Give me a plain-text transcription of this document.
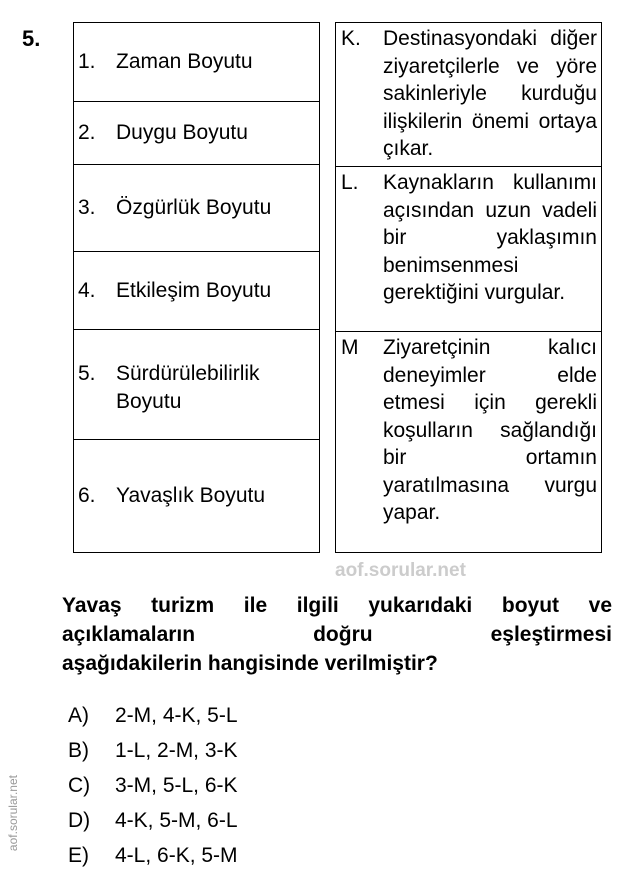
5.
1. Zaman Boyutu
2. Duygu Boyutu
3. Özgürlük Boyutu
4. Etkileşim Boyutu
5. Sürdürülebilirlik Boyutu
6. Yavaşlık Boyutu
K.	Destinasyondaki diğer ziyaretçilerle ve yöre sakinleriyle kurduğu ilişkilerin önemi ortaya çıkar.
L.	Kaynakların kullanımı açısından uzun vadeli bir yaklaşımın benimsenmesi gerektiğini vurgular.
M	Ziyaretçinin kalıcı deneyimler elde etmesi için gerekli koşulların sağlandığı bir ortamın yaratılmasına vurgu yapar.
aof.sorular.net
Yavaş turizm ile ilgili yukarıdaki boyut ve
açıklamaların doğru eşleştirmesi
aşağıdakilerin hangisinde verilmiştir?
A) 2-M, 4-K, 5-L
B) 1-L, 2-M, 3-K
C) 3-M, 5-L, 6-K
D) 4-K, 5-M, 6-L
E) 4-L, 6-K, 5-M
aof.sorular.net
